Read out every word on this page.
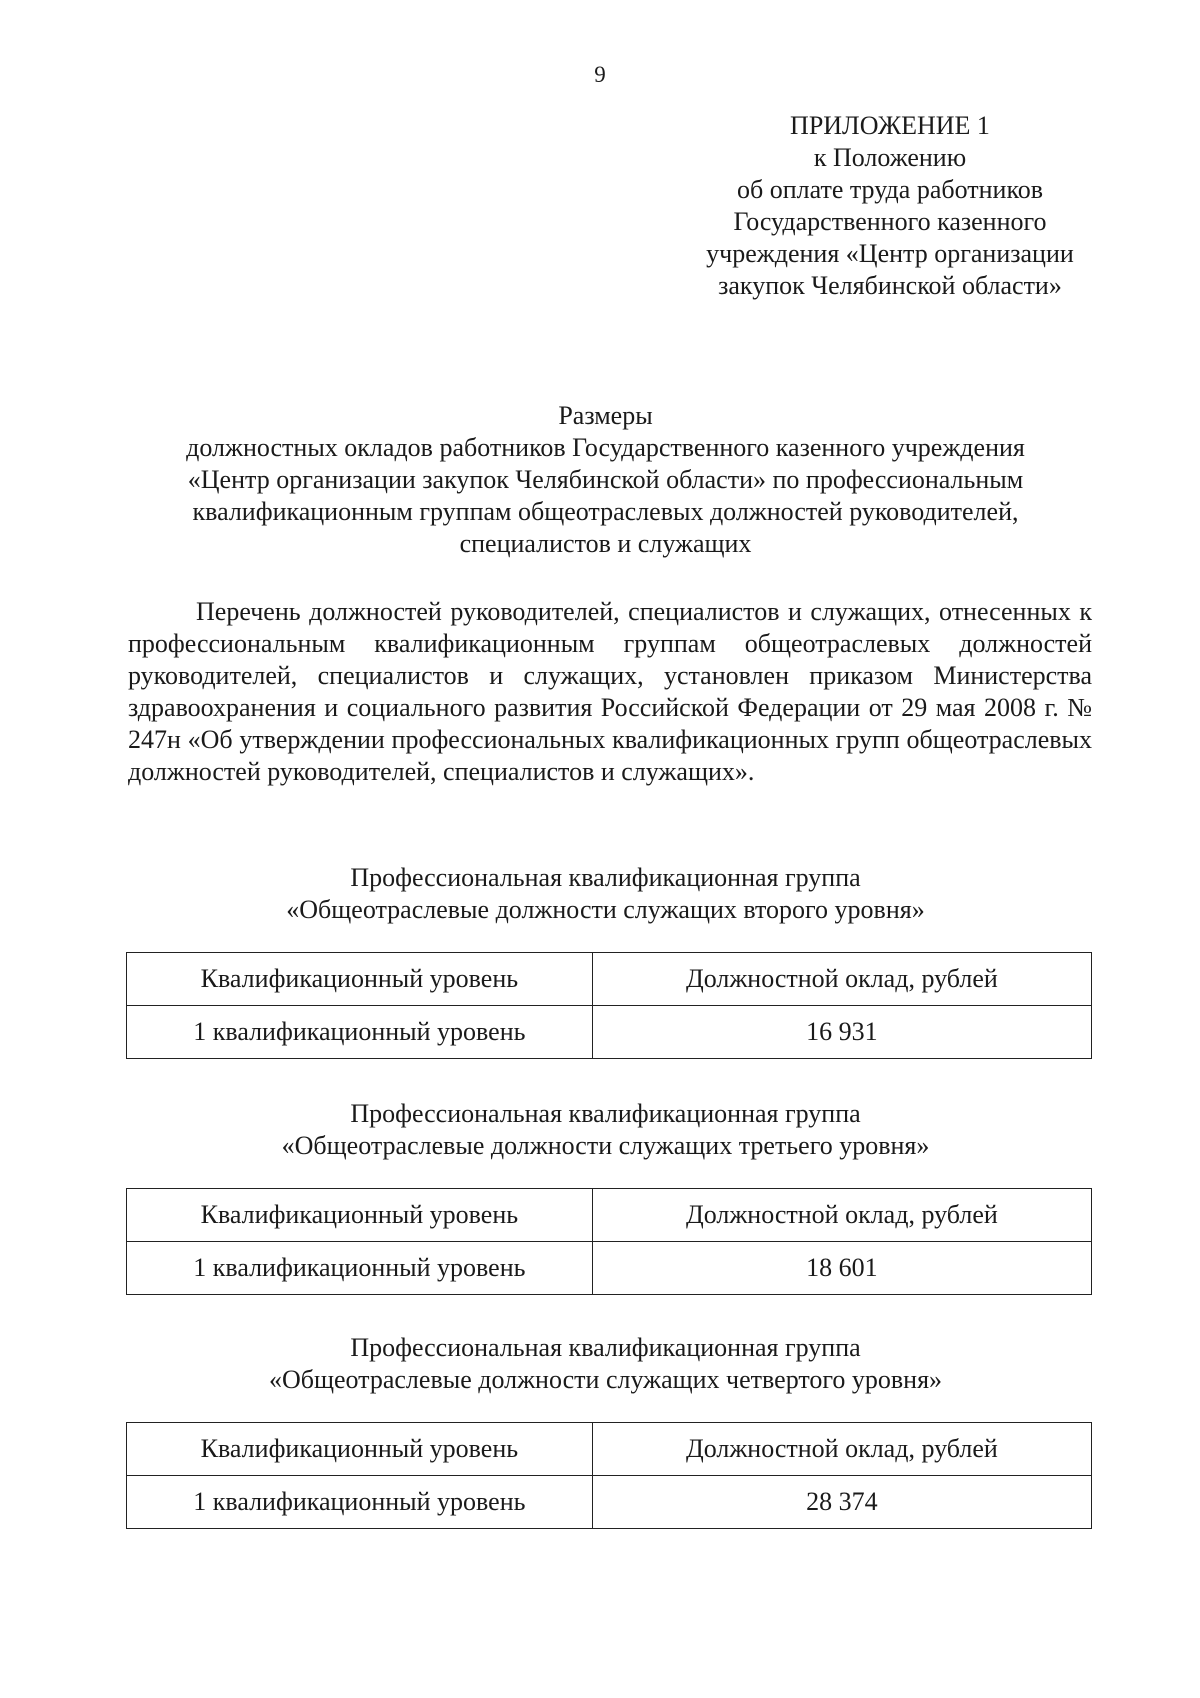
9
ПРИЛОЖЕНИЕ 1
к Положению
об оплате труда работников
Государственного казенного
учреждения «Центр организации
закупок Челябинской области»
Размеры
должностных окладов работников Государственного казенного учреждения
«Центр организации закупок Челябинской области» по профессиональным
квалификационным группам общеотраслевых должностей руководителей,
специалистов и служащих
Перечень должностей руководителей, специалистов и служащих, отнесенных к профессиональным квалификационным группам общеотраслевых должностей руководителей, специалистов и служащих, установлен приказом Министерства здравоохранения и социального развития Российской Федерации от 29 мая 2008 г. № 247н «Об утверждении профессиональных квалификационных групп общеотраслевых должностей руководителей, специалистов и служащих».
Профессиональная квалификационная группа
«Общеотраслевые должности служащих второго уровня»
Квалификационный уровень	Должностной оклад, рублей
1 квалификационный уровень	16 931
Профессиональная квалификационная группа
«Общеотраслевые должности служащих третьего уровня»
Квалификационный уровень	Должностной оклад, рублей
1 квалификационный уровень	18 601
Профессиональная квалификационная группа
«Общеотраслевые должности служащих четвертого уровня»
Квалификационный уровень	Должностной оклад, рублей
1 квалификационный уровень	28 374
